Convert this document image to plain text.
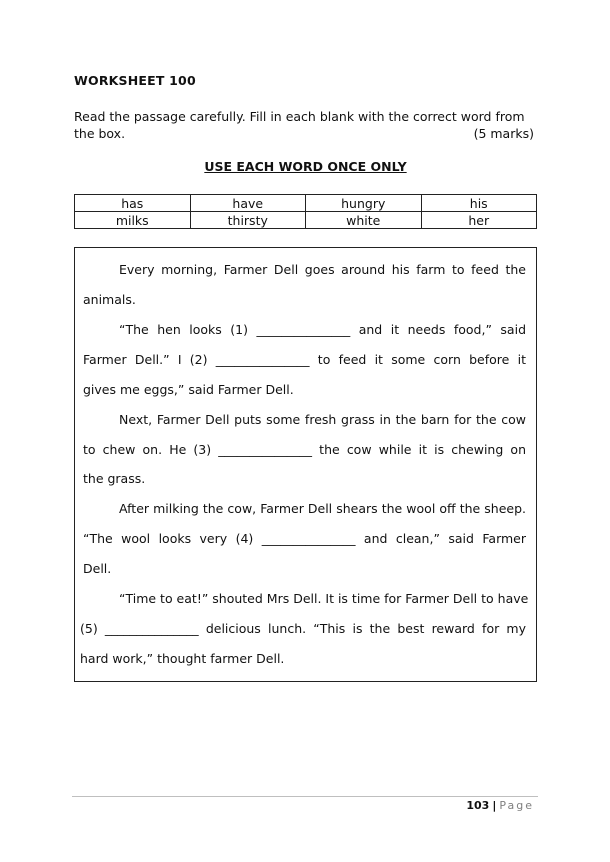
WORKSHEET 100
Read the passage carefully. Fill in each blank with the correct word from
the box.	(5 marks)
USE EACH WORD ONCE ONLY
has	have	hungry	his
milks	thirsty	white	her
Every morning, Farmer Dell goes around his farm to feed the
animals.
“The hen looks (1) _______________ and it needs food,” said
Farmer Dell.” I (2) _______________ to feed it some corn before it
gives me eggs,” said Farmer Dell.
Next, Farmer Dell puts some fresh grass in the barn for the cow
to chew on. He (3) _______________ the cow while it is chewing on
the grass.
After milking the cow, Farmer Dell shears the wool off the sheep.
“The wool looks very (4) _______________ and clean,” said Farmer
Dell.
“Time to eat!” shouted Mrs Dell. It is time for Farmer Dell to have
(5) _______________ delicious lunch. “This is the best reward for my
hard work,” thought farmer Dell.
103 | Page
